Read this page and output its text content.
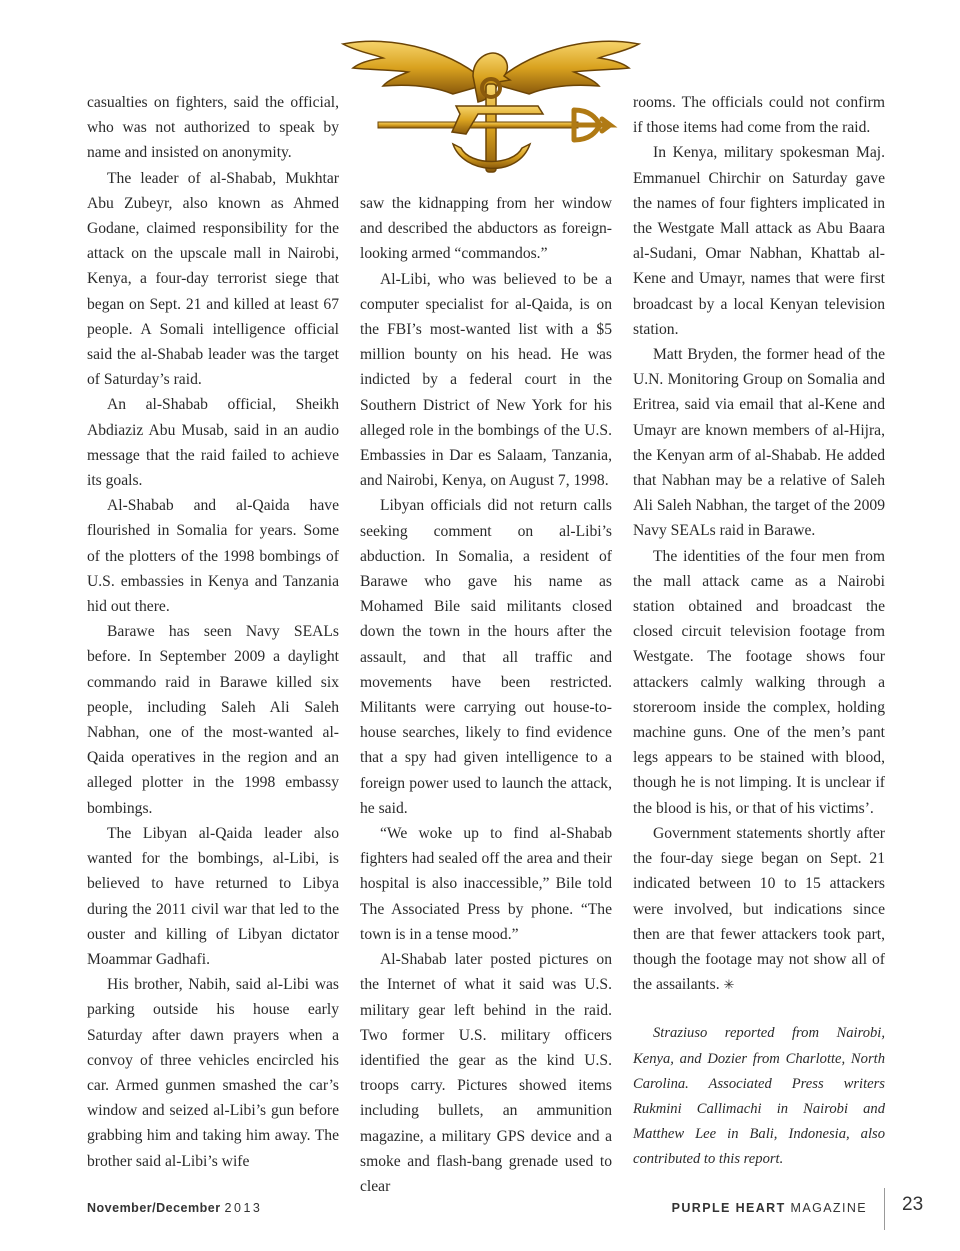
casualties on fighters, said the official, who was not authorized to speak by name and insisted on anonymity.

The leader of al-Shabab, Mukhtar Abu Zubeyr, also known as Ahmed Godane, claimed responsibility for the attack on the upscale mall in Nairobi, Kenya, a four-day terrorist siege that began on Sept. 21 and killed at least 67 people. A Somali intelligence official said the al-Shabab leader was the target of Saturday’s raid.

An al-Shabab official, Sheikh Abdiaziz Abu Musab, said in an audio message that the raid failed to achieve its goals.

Al-Shabab and al-Qaida have flourished in Somalia for years. Some of the plotters of the 1998 bombings of U.S. embassies in Kenya and Tanzania hid out there.

Barawe has seen Navy SEALs before. In September 2009 a daylight commando raid in Barawe killed six people, including Saleh Ali Saleh Nabhan, one of the most-wanted al-Qaida operatives in the region and an alleged plotter in the 1998 embassy bombings.

The Libyan al-Qaida leader also wanted for the bombings, al-Libi, is believed to have returned to Libya during the 2011 civil war that led to the ouster and killing of Libyan dictator Moammar Gadhafi.

His brother, Nabih, said al-Libi was parking outside his house early Saturday after dawn prayers when a convoy of three vehicles encircled his car. Armed gunmen smashed the car’s window and seized al-Libi’s gun before grabbing him and taking him away. The brother said al-Libi’s wife

saw the kidnapping from her window and described the abductors as foreign-looking armed “commandos.”

Al-Libi, who was believed to be a computer specialist for al-Qaida, is on the FBI’s most-wanted list with a $5 million bounty on his head. He was indicted by a federal court in the Southern District of New York for his alleged role in the bombings of the U.S. Embassies in Dar es Salaam, Tanzania, and Nairobi, Kenya, on August 7, 1998.

Libyan officials did not return calls seeking comment on al-Libi’s abduction. In Somalia, a resident of Barawe who gave his name as Mohamed Bile said militants closed down the town in the hours after the assault, and that all traffic and movements have been restricted. Militants were carrying out house-to-house searches, likely to find evidence that a spy had given intelligence to a foreign power used to launch the attack, he said.

“We woke up to find al-Shabab fighters had sealed off the area and their hospital is also inaccessible,” Bile told The Associated Press by phone. “The town is in a tense mood.”

Al-Shabab later posted pictures on the Internet of what it said was U.S. military gear left behind in the raid. Two former U.S. military officers identified the gear as the kind U.S. troops carry. Pictures showed items including bullets, an ammunition magazine, a military GPS device and a smoke and flash-bang grenade used to clear

rooms. The officials could not confirm if those items had come from the raid.

In Kenya, military spokesman Maj. Emmanuel Chirchir on Saturday gave the names of four fighters implicated in the Westgate Mall attack as Abu Baara al-Sudani, Omar Nabhan, Khattab al-Kene and Umayr, names that were first broadcast by a local Kenyan television station.

Matt Bryden, the former head of the U.N. Monitoring Group on Somalia and Eritrea, said via email that al-Kene and Umayr are known members of al-Hijra, the Kenyan arm of al-Shabab. He added that Nabhan may be a relative of Saleh Ali Saleh Nabhan, the target of the 2009 Navy SEALs raid in Barawe.

The identities of the four men from the mall attack came as a Nairobi station obtained and broadcast the closed circuit television footage from Westgate. The footage shows four attackers calmly walking through a storeroom inside the complex, holding machine guns. One of the men’s pant legs appears to be stained with blood, though he is not limping. It is unclear if the blood is his, or that of his victims’.

Government statements shortly after the four-day siege began on Sept. 21 indicated between 10 to 15 attackers were involved, but indications since then are that fewer attackers took part, though the footage may not show all of the assailants. ✳

Straziuso reported from Nairobi, Kenya, and Dozier from Charlotte, North Carolina. Associated Press writers Rukmini Callimachi in Nairobi and Matthew Lee in Bali, Indonesia, also contributed to this report.

November/December 2013	PURPLE HEART MAGAZINE 23
